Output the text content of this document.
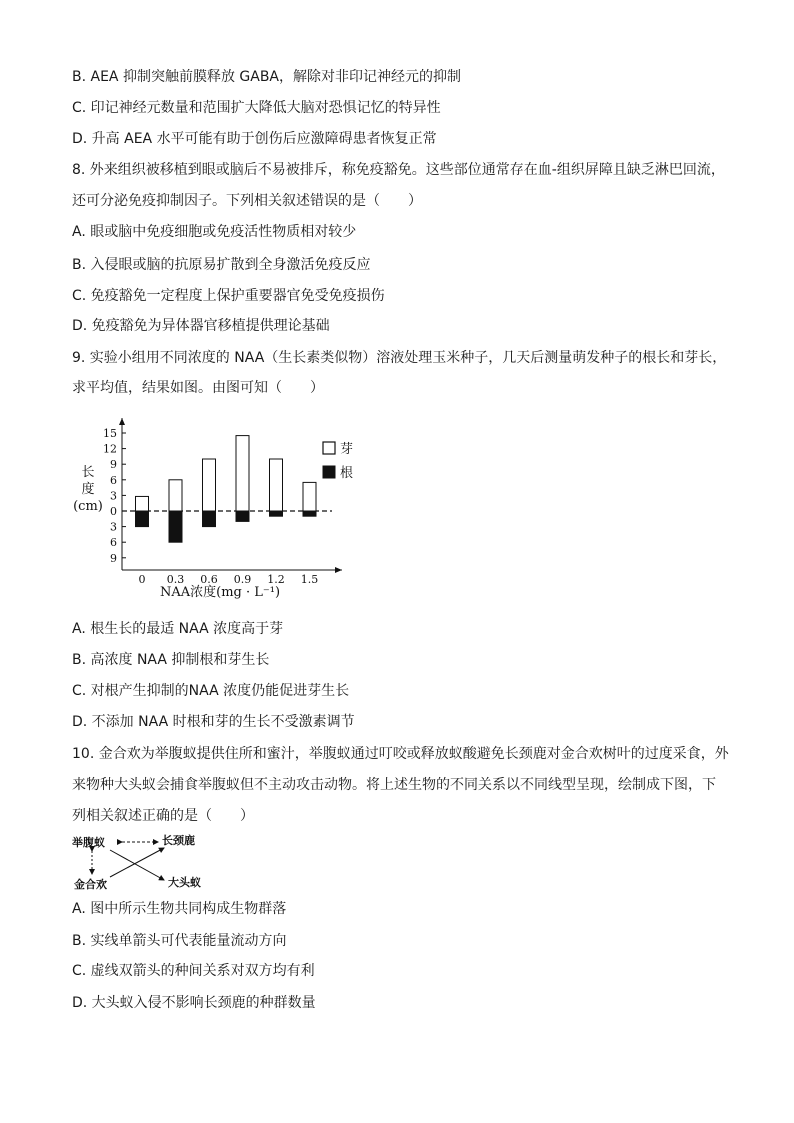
B. AEA 抑制突触前膜释放 GABA，解除对非印记神经元的抑制
C. 印记神经元数量和范围扩大降低大脑对恐惧记忆的特异性
D. 升高 AEA 水平可能有助于创伤后应激障碍患者恢复正常
8. 外来组织被移植到眼或脑后不易被排斥，称免疫豁免。这些部位通常存在血-组织屏障且缺乏淋巴回流，
还可分泌免疫抑制因子。下列相关叙述错误的是（　　）
A. 眼或脑中免疫细胞或免疫活性物质相对较少
B. 入侵眼或脑的抗原易扩散到全身激活免疫反应
C. 免疫豁免一定程度上保护重要器官免受免疫损伤
D. 免疫豁免为异体器官移植提供理论基础
9. 实验小组用不同浓度的 NAA（生长素类似物）溶液处理玉米种子，几天后测量萌发种子的根长和芽长，
求平均值，结果如图。由图可知（　　）
15
12
9
6
3
0
3
6
9
0 0.3 0.6 0.9 1.2 1.5
芽
根
长度(cm)
NAA浓度(mg · L⁻¹)
A. 根生长的最适 NAA 浓度高于芽
B. 高浓度 NAA 抑制根和芽生长
C. 对根产生抑制的NAA 浓度仍能促进芽生长
D. 不添加 NAA 时根和芽的生长不受激素调节
10. 金合欢为举腹蚁提供住所和蜜汁，举腹蚁通过叮咬或释放蚁酸避免长颈鹿对金合欢树叶的过度采食，外
来物种大头蚁会捕食举腹蚁但不主动攻击动物。将上述生物的不同关系以不同线型呈现，绘制成下图，下
列相关叙述正确的是（　　）
举腹蚁	长颈鹿
金合欢	大头蚁
A. 图中所示生物共同构成生物群落
B. 实线单箭头可代表能量流动方向
C. 虚线双箭头的种间关系对双方均有利
D. 大头蚁入侵不影响长颈鹿的种群数量
